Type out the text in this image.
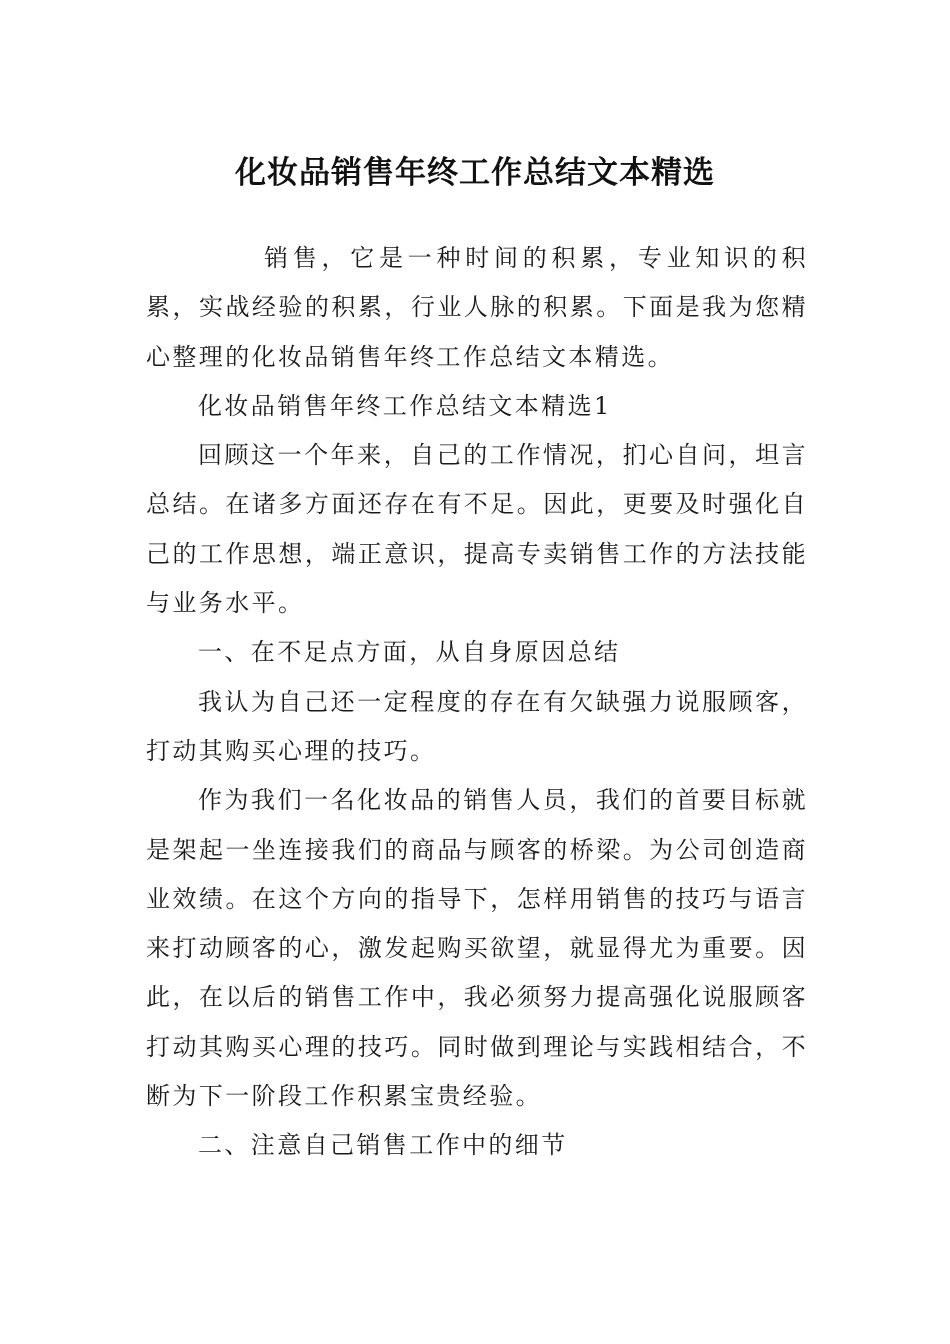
化妆品销售年终工作总结文本精选

销售，它是一种时间的积累，专业知识的积累，实战经验的积累，行业人脉的积累。下面是我为您精心整理的化妆品销售年终工作总结文本精选。

化妆品销售年终工作总结文本精选1

回顾这一个年来，自己的工作情况，扪心自问，坦言总结。在诸多方面还存在有不足。因此，更要及时强化自己的工作思想，端正意识，提高专卖销售工作的方法技能与业务水平。

一、在不足点方面，从自身原因总结

我认为自己还一定程度的存在有欠缺强力说服顾客，打动其购买心理的技巧。

作为我们一名化妆品的销售人员，我们的首要目标就是架起一坐连接我们的商品与顾客的桥梁。为公司创造商业效绩。在这个方向的指导下，怎样用销售的技巧与语言来打动顾客的心，激发起购买欲望，就显得尤为重要。因此，在以后的销售工作中，我必须努力提高强化说服顾客打动其购买心理的技巧。同时做到理论与实践相结合，不断为下一阶段工作积累宝贵经验。

二、注意自己销售工作中的细节
